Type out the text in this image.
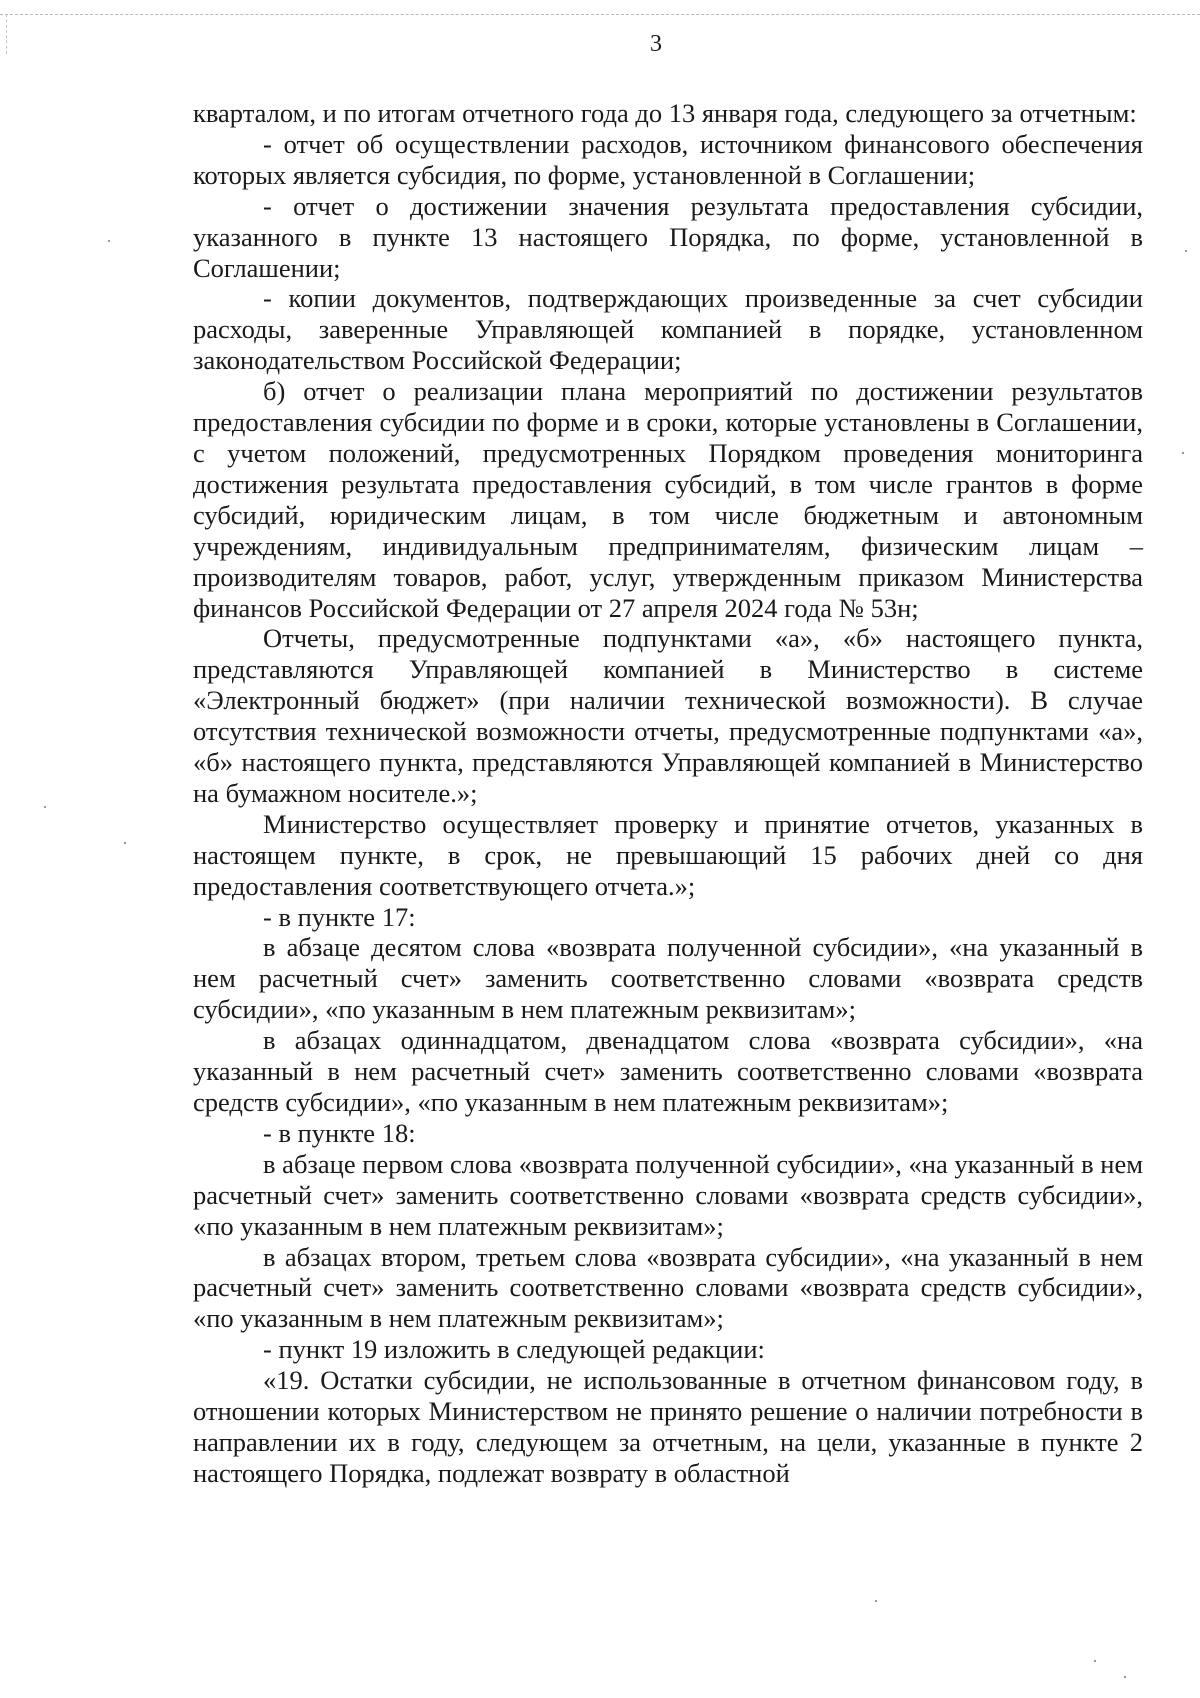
3

кварталом, и по итогам отчетного года до 13 января года, следующего за отчетным:

- отчет об осуществлении расходов, источником финансового обеспечения которых является субсидия, по форме, установленной в Соглашении;

- отчет о достижении значения результата предоставления субсидии, указанного в пункте 13 настоящего Порядка, по форме, установленной в Соглашении;

- копии документов, подтверждающих произведенные за счет субсидии расходы, заверенные Управляющей компанией в порядке, установленном законодательством Российской Федерации;

б) отчет о реализации плана мероприятий по достижении результатов предоставления субсидии по форме и в сроки, которые установлены в Соглашении, с учетом положений, предусмотренных Порядком проведения мониторинга достижения результата предоставления субсидий, в том числе грантов в форме субсидий, юридическим лицам, в том числе бюджетным и автономным учреждениям, индивидуальным предпринимателям, физическим лицам – производителям товаров, работ, услуг, утвержденным приказом Министерства финансов Российской Федерации от 27 апреля 2024 года № 53н;

Отчеты, предусмотренные подпунктами «а», «б» настоящего пункта, представляются Управляющей компанией в Министерство в системе «Электронный бюджет» (при наличии технической возможности). В случае отсутствия технической возможности отчеты, предусмотренные подпунктами «а», «б» настоящего пункта, представляются Управляющей компанией в Министерство на бумажном носителе.»;

Министерство осуществляет проверку и принятие отчетов, указанных в настоящем пункте, в срок, не превышающий 15 рабочих дней со дня предоставления соответствующего отчета.»;

- в пункте 17:

в абзаце десятом слова «возврата полученной субсидии», «на указанный в нем расчетный счет» заменить соответственно словами «возврата средств субсидии», «по указанным в нем платежным реквизитам»;

в абзацах одиннадцатом, двенадцатом слова «возврата субсидии», «на указанный в нем расчетный счет» заменить соответственно словами «возврата средств субсидии», «по указанным в нем платежным реквизитам»;

- в пункте 18:

в абзаце первом слова «возврата полученной субсидии», «на указанный в нем расчетный счет» заменить соответственно словами «возврата средств субсидии», «по указанным в нем платежным реквизитам»;

в абзацах втором, третьем слова «возврата субсидии», «на указанный в нем расчетный счет» заменить соответственно словами «возврата средств субсидии», «по указанным в нем платежным реквизитам»;

- пункт 19 изложить в следующей редакции:

«19. Остатки субсидии, не использованные в отчетном финансовом году, в отношении которых Министерством не принято решение о наличии потребности в направлении их в году, следующем за отчетным, на цели, указанные в пункте 2 настоящего Порядка, подлежат возврату в областной
